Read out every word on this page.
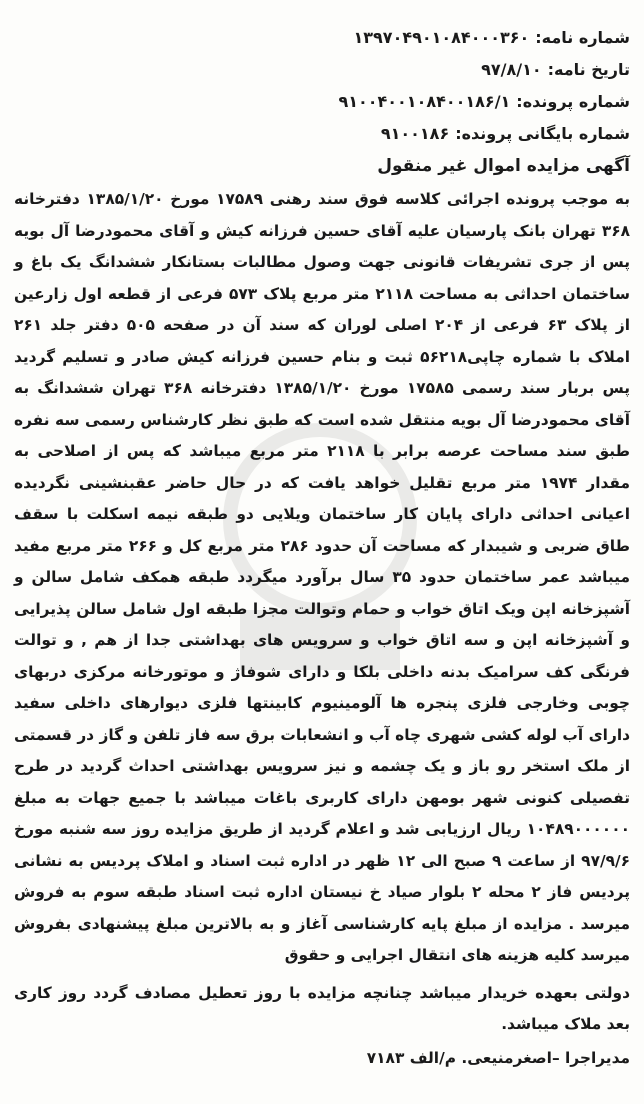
شماره نامه:۱۳۹۷۰۴۹۰۱۰۸۴۰۰۰۳۶۰
تاریخ نامه:۹۷/۸/۱۰
شماره پرونده:۹۱۰۰۴۰۰۱۰۸۴۰۰۱۸۶/۱
شماره بایگانی پرونده:۹۱۰۰۱۸۶
آگهی مزایده اموال غیر منقول
به موجب پرونده اجرائی کلاسه فوق سند رهنی ۱۷۵۸۹ مورخ ۱۳۸۵/۱/۲۰ دفترخانه ۳۶۸ تهران بانک پارسیان علیه آقای حسین فرزانه کیش و آقای محمودرضا آل بویه پس از جری تشریفات قانونی جهت وصول مطالبات بستانکار ششدانگ یک باغ و ساختمان احداثی به مساحت ۲۱۱۸ متر مربع پلاک ۵۷۳ فرعی از قطعه اول زارعین از پلاک ۶۳ فرعی از ۲۰۴ اصلی لوران که سند آن در صفحه ۵۰۵ دفتر جلد ۲۶۱ املاک با شماره چاپی۵۶۲۱۸ ثبت و بنام حسین فرزانه کیش صادر و تسلیم گردید پس بربار سند رسمی ۱۷۵۸۵ مورخ ۱۳۸۵/۱/۲۰ دفترخانه ۳۶۸ تهران ششدانگ به آقای محمودرضا آل بویه منتقل شده است که طبق نظر کارشناس رسمی سه نفره طبق سند مساحت عرصه برابر با ۲۱۱۸ متر مربع میباشد که پس از اصلاحی به مقدار ۱۹۷۴ متر مربع تقلیل خواهد یافت که در حال حاضر عقبنشینی نگردیده اعیانی احداثی دارای پایان کار ساختمان ویلایی دو طبقه نیمه اسکلت با سقف طاق ضربی و شیبدار که مساحت آن حدود ۲۸۶ متر مربع کل و ۲۶۶ متر مربع مفید میباشد عمر ساختمان حدود ۳۵ سال برآورد میگردد طبقه همکف شامل سالن و آشپزخانه اپن ویک اتاق خواب و حمام وتوالت مجزا طبقه اول شامل سالن پذیرایی و آشپزخانه اپن و سه اتاق خواب و سرویس های بهداشتی جدا از هم , و توالت فرنگی کف سرامیک بدنه داخلی بلکا و دارای شوفاژ و موتورخانه مرکزی دربهای چوبی وخارجی فلزی پنجره ها آلومینیوم کابینتها فلزی دیوارهای داخلی سفید دارای آب لوله کشی شهری چاه آب و انشعابات برق سه فاز تلفن و گاز در قسمتی از ملک استخر رو باز و یک چشمه و نیز سرویس بهداشتی احداث گردید در طرح تفصیلی کنونی شهر بومهن دارای کاربری باغات میباشد با جمیع جهات به مبلغ ۱۰۴۸۹۰۰۰۰۰۰ ریال ارزیابی شد و اعلام گردید از طریق مزایده روز سه شنبه مورخ ۹۷/۹/۶ از ساعت ۹ صبح الی ۱۲ ظهر در اداره ثبت اسناد و املاک پردیس به نشانی پردیس فاز ۲ محله ۲ بلوار صیاد خ نیستان اداره ثبت اسناد طبقه سوم به فروش میرسد . مزایده از مبلغ پایه کارشناسی آغاز و به بالاترین مبلغ پیشنهادی بفروش میرسد کلیه هزینه های انتقال اجرایی و حقوق
دولتی بعهده خریدار میباشد چنانچه مزایده با روز تعطیل مصادف گردد روز کاری بعد ملاک میباشد.
مدیراجرا –اصغرمنیعی. م/الف ۷۱۸۳
